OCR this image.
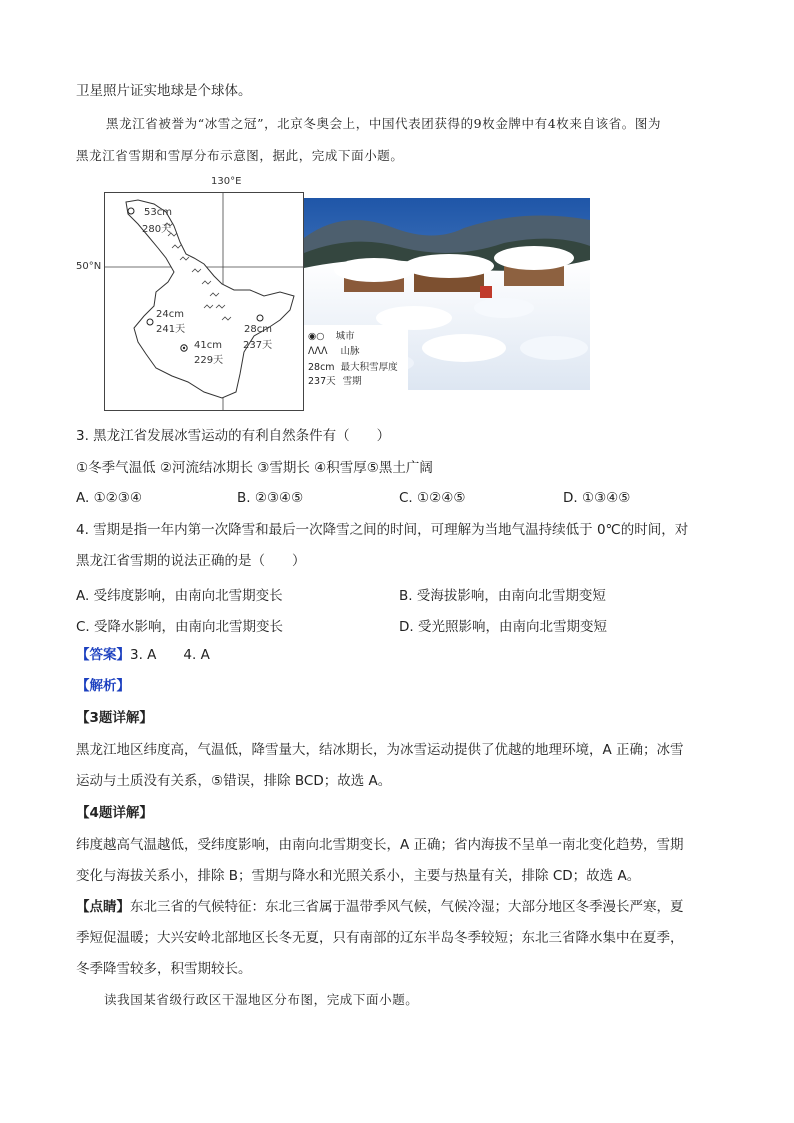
卫星照片证实地球是个球体。
黑龙江省被誉为“冰雪之冠”，北京冬奥会上，中国代表团获得的9枚金牌中有4枚来自该省。图为
黑龙江省雪期和雪厚分布示意图，据此，完成下面小题。
130°E
50°N
53cm
280天
24cm
241天	28cm
237天
41cm
229天
◉○ 城市
ᐱᐱᐱ 山脉
28cm 最大积雪厚度
237天 雪期
3. 黑龙江省发展冰雪运动的有利自然条件有（　　）
①冬季气温低 ②河流结冰期长 ③雪期长 ④积雪厚⑤黑土广阔
A. ①②③④	B. ②③④⑤	C. ①②④⑤	D. ①③④⑤
4. 雪期是指一年内第一次降雪和最后一次降雪之间的时间，可理解为当地气温持续低于 0℃的时间，对
黑龙江省雪期的说法正确的是（　　）
A. 受纬度影响，由南向北雪期变长	B. 受海拔影响，由南向北雪期变短
C. 受降水影响，由南向北雪期变长	D. 受光照影响，由南向北雪期变短
【答案】3. A　　4. A
【解析】
【3题详解】
黑龙江地区纬度高，气温低，降雪量大，结冰期长，为冰雪运动提供了优越的地理环境，A 正确；冰雪
运动与土质没有关系，⑤错误，排除 BCD；故选 A。
【4题详解】
纬度越高气温越低，受纬度影响，由南向北雪期变长，A 正确；省内海拔不呈单一南北变化趋势，雪期
变化与海拔关系小，排除 B；雪期与降水和光照关系小，主要与热量有关，排除 CD；故选 A。
【点睛】东北三省的气候特征：东北三省属于温带季风气候，气候冷湿；大部分地区冬季漫长严寒，夏
季短促温暖；大兴安岭北部地区长冬无夏，只有南部的辽东半岛冬季较短；东北三省降水集中在夏季，
冬季降雪较多，积雪期较长。
读我国某省级行政区干湿地区分布图，完成下面小题。
